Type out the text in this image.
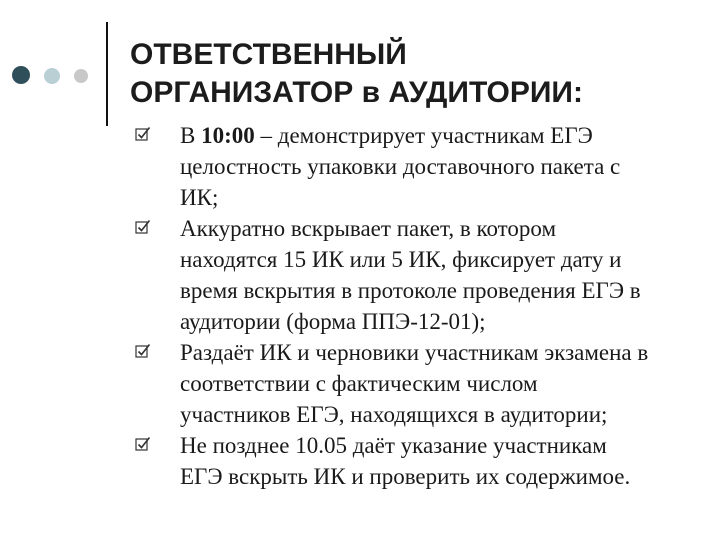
ОТВЕТСТВЕННЫЙ
ОРГАНИЗАТОР в АУДИТОРИИ:
В 10:00 – демонстрирует участникам ЕГЭ
целостность упаковки доставочного пакета с
ИК;
Аккуратно вскрывает пакет, в котором
находятся 15 ИК или 5 ИК, фиксирует дату и
время вскрытия в протоколе проведения ЕГЭ в
аудитории (форма ППЭ-12-01);
Раздаёт ИК и черновики участникам экзамена в
соответствии с фактическим числом
участников ЕГЭ, находящихся в аудитории;
Не позднее 10.05 даёт указание участникам
ЕГЭ вскрыть ИК и проверить их содержимое.
